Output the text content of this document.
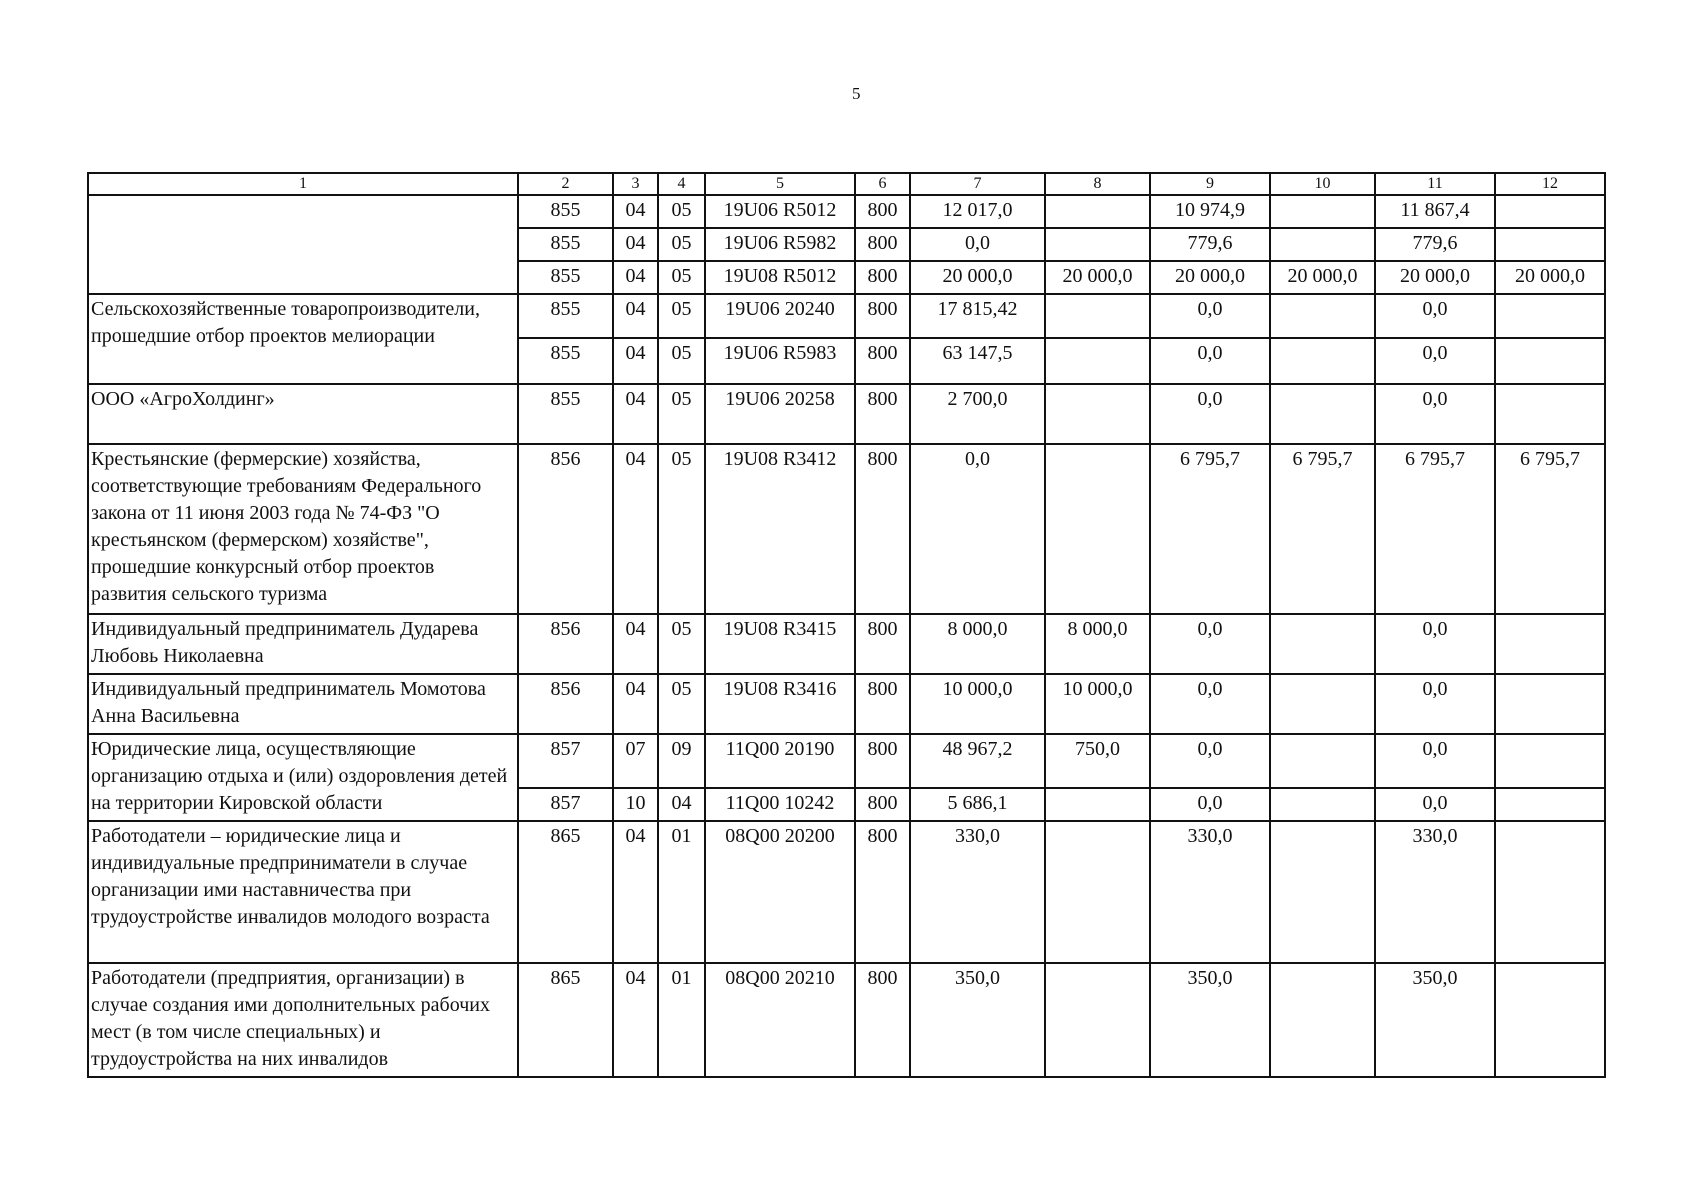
5
1	2	3	4	5	6	7	8	9	10	11	12
	855	04	05	19U06 R5012	800	12 017,0		10 974,9		11 867,4	
	855	04	05	19U06 R5982	800	0,0		779,6		779,6	
	855	04	05	19U08 R5012	800	20 000,0	20 000,0	20 000,0	20 000,0	20 000,0	20 000,0
Сельскохозяйственные товаропроизводители, прошедшие отбор проектов мелиорации	855	04	05	19U06 20240	800	17 815,42		0,0		0,0	
	855	04	05	19U06 R5983	800	63 147,5		0,0		0,0	
ООО «АгроХолдинг»	855	04	05	19U06 20258	800	2 700,0		0,0		0,0	
Крестьянские (фермерские) хозяйства, соответствующие требованиям Федерального закона от 11 июня 2003 года № 74-ФЗ "О крестьянском (фермерском) хозяйстве", прошедшие конкурсный отбор проектов развития сельского туризма	856	04	05	19U08 R3412	800	0,0		6 795,7	6 795,7	6 795,7	6 795,7
Индивидуальный предприниматель Дударева Любовь Николаевна	856	04	05	19U08 R3415	800	8 000,0	8 000,0	0,0		0,0	
Индивидуальный предприниматель Момотова Анна Васильевна	856	04	05	19U08 R3416	800	10 000,0	10 000,0	0,0		0,0	
Юридические лица, осуществляющие организацию отдыха и (или) оздоровления детей на территории Кировской области	857	07	09	11Q00 20190	800	48 967,2	750,0	0,0		0,0	
	857	10	04	11Q00 10242	800	5 686,1		0,0		0,0	
Работодатели – юридические лица и индивидуальные предприниматели в случае организации ими наставничества при трудоустройстве инвалидов молодого возраста	865	04	01	08Q00 20200	800	330,0		330,0		330,0	
Работодатели (предприятия, организации) в случае создания ими дополнительных рабочих мест (в том числе специальных) и трудоустройства на них инвалидов	865	04	01	08Q00 20210	800	350,0		350,0		350,0	
